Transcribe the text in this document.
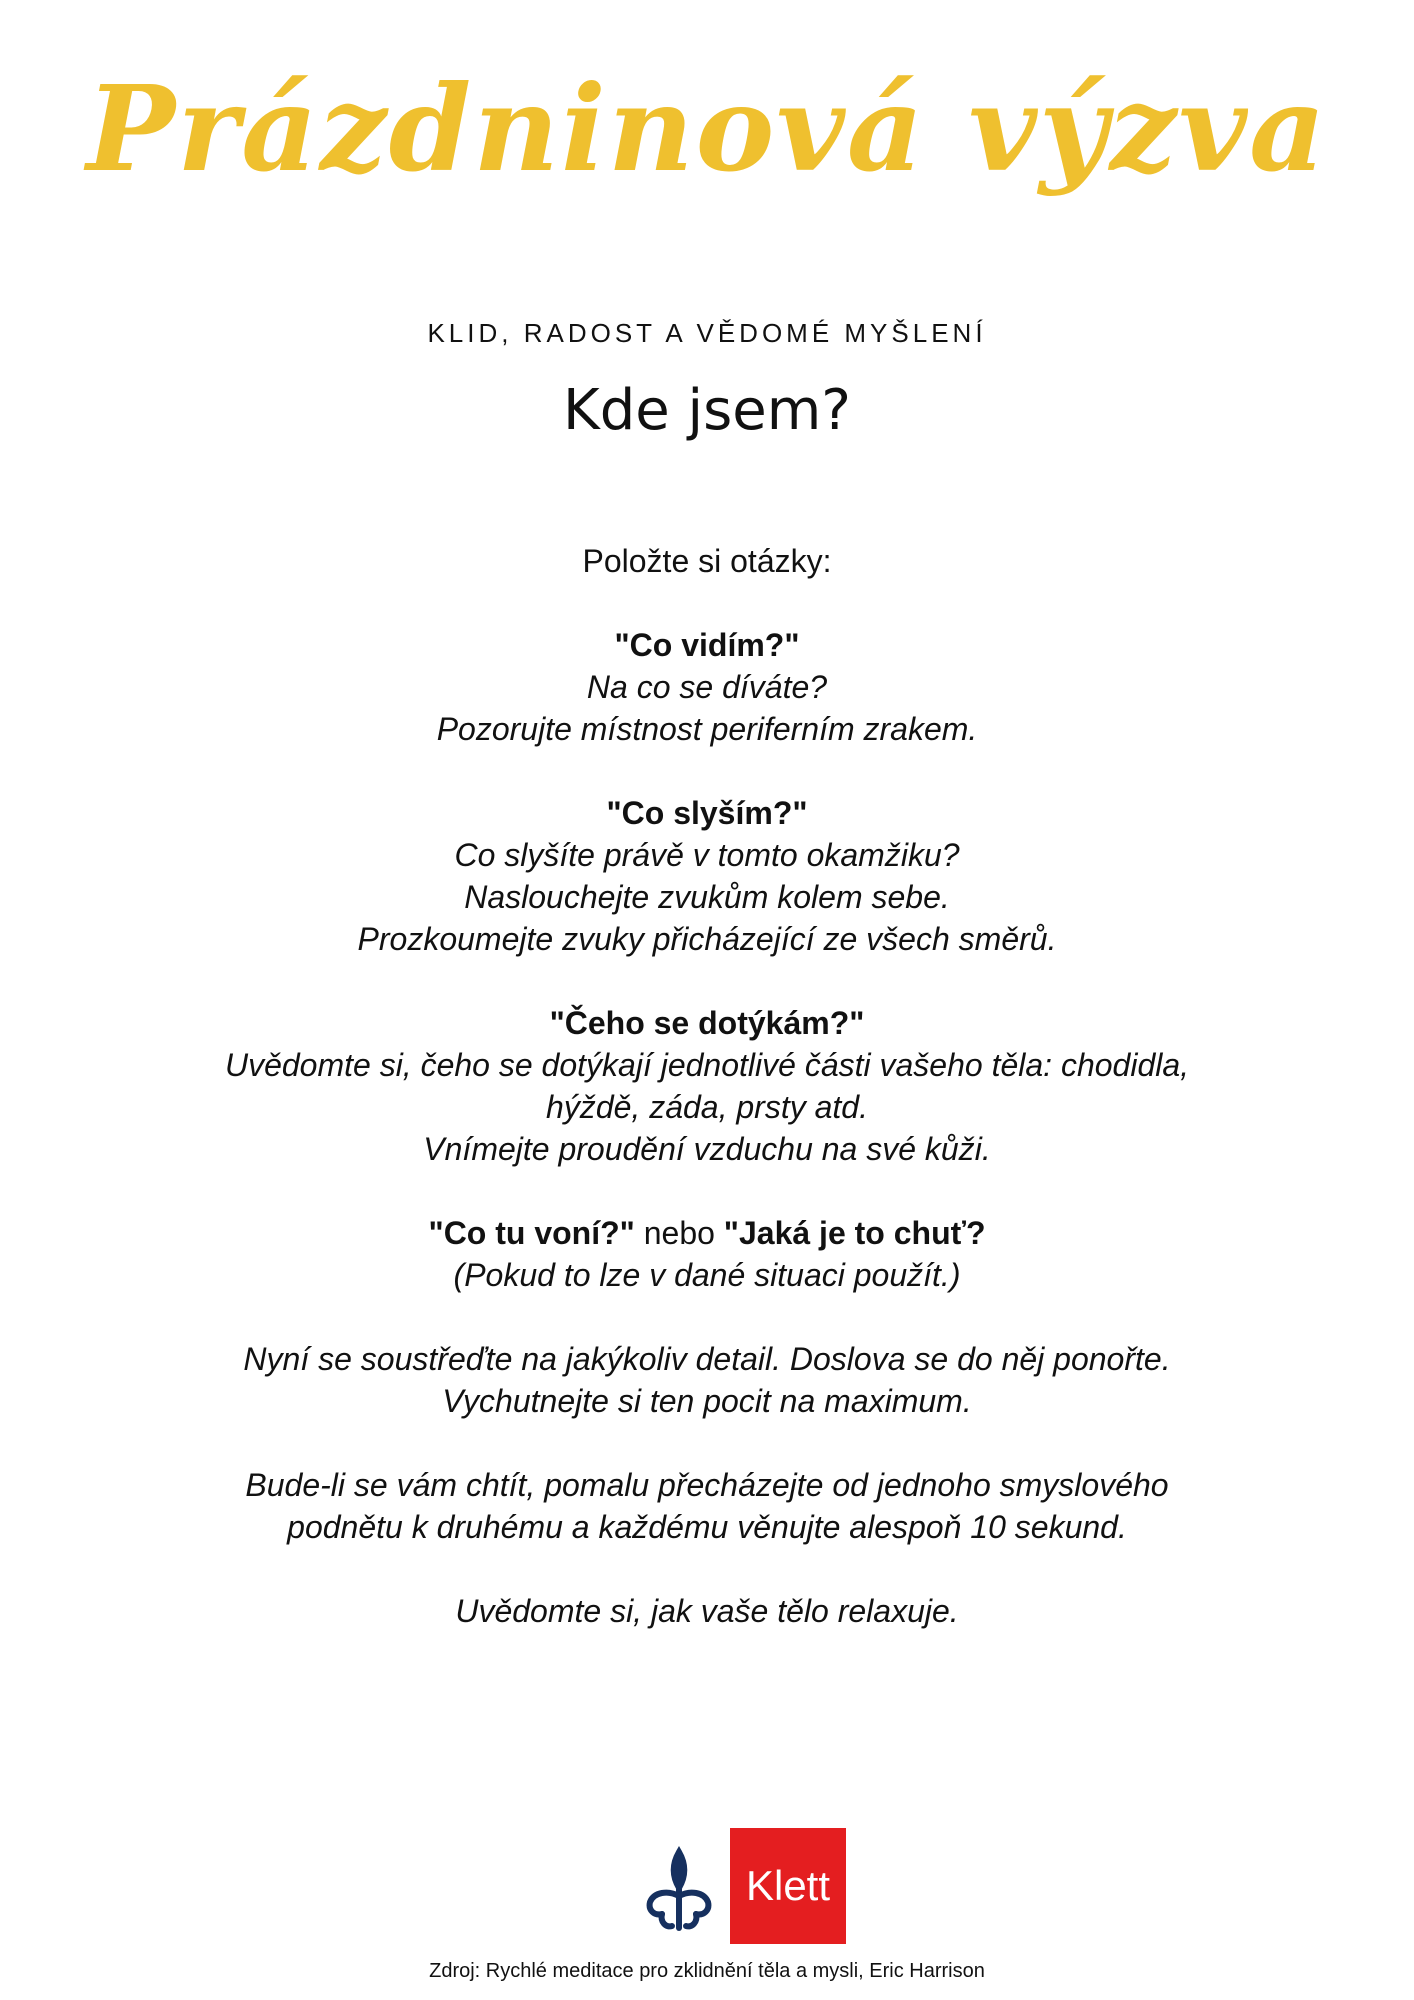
Prázdninová výzva
KLID, RADOST A VĚDOMÉ MYŠLENÍ
Kde jsem?

Položte si otázky:

"Co vidím?"

Na co se díváte?

Pozorujte místnost periferním zrakem.

"Co slyším?"

Co slyšíte právě v tomto okamžiku?

Naslouchejte zvukům kolem sebe.

Prozkoumejte zvuky přicházející ze všech směrů.

"Čeho se dotýkám?"

Uvědomte si, čeho se dotýkají jednotlivé části vašeho těla: chodidla,

hýždě, záda, prsty atd.

Vnímejte proudění vzduchu na své kůži.

"Co tu voní?" nebo "Jaká je to chuť?

(Pokud to lze v dané situaci použít.)

Nyní se soustřeďte na jakýkoliv detail. Doslova se do něj ponořte.

Vychutnejte si ten pocit na maximum.

Bude-li se vám chtít, pomalu přecházejte od jednoho smyslového

podnětu k druhému a každému věnujte alespoň 10 sekund.

Uvědomte si, jak vaše tělo relaxuje.

Klett
Zdroj: Rychlé meditace pro zklidnění těla a mysli, Eric Harrison
